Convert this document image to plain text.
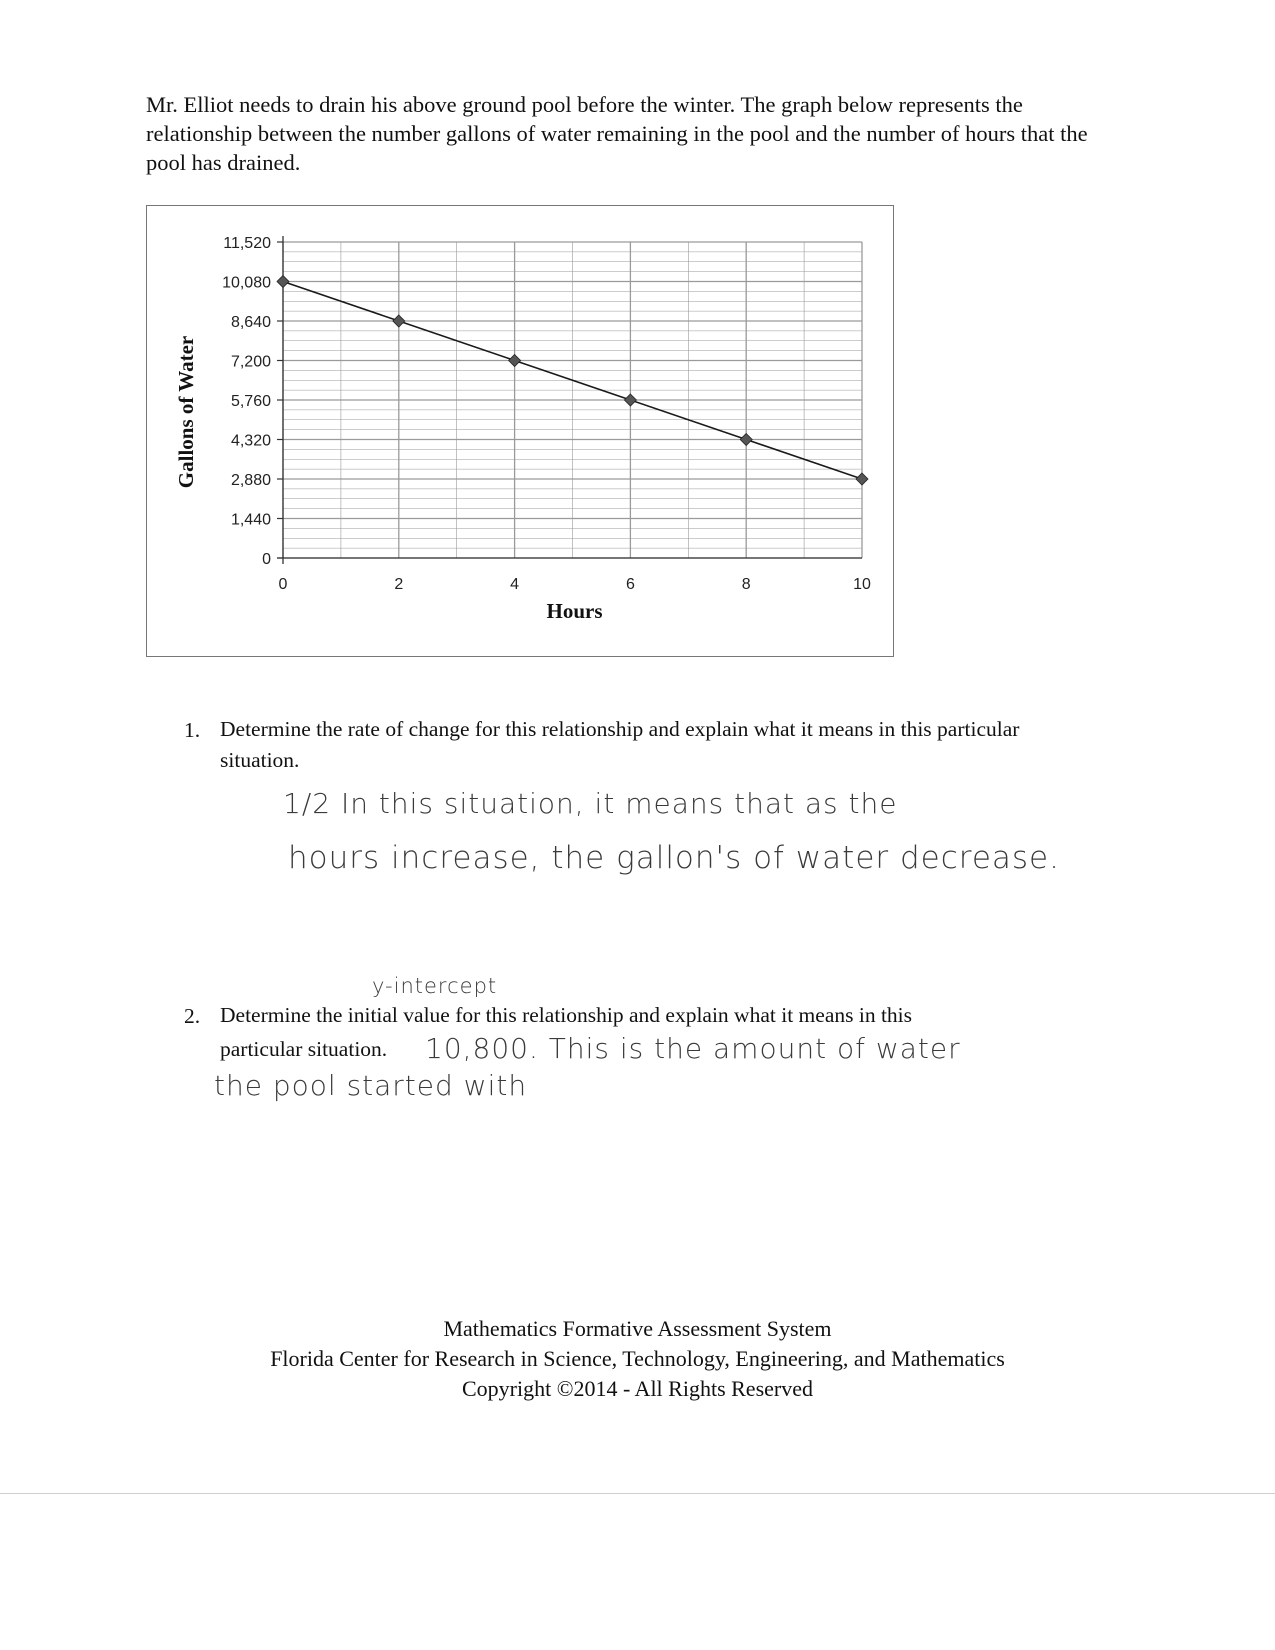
Mr. Elliot needs to drain his above ground pool before the winter. The graph below represents the relationship between the number gallons of water remaining in the pool and the number of hours that the pool has drained.

0
1,440
2,880
4,320
5,760
7,200
8,640
10,080
11,520
0	2	4	6	8	10
Hours
Gallons of Water
1. Determine the rate of change for this relationship and explain what it means in this particular situation.

1/2 In this situation, it means that as the
hours increase, the gallon's of water decrease.
y-intercept
2. Determine the initial value for this relationship and explain what it means in this
particular situation. 10,800. This is the amount of water
the pool started with
Mathematics Formative Assessment System
Florida Center for Research in Science, Technology, Engineering, and Mathematics
Copyright ©2014 - All Rights Reserved
